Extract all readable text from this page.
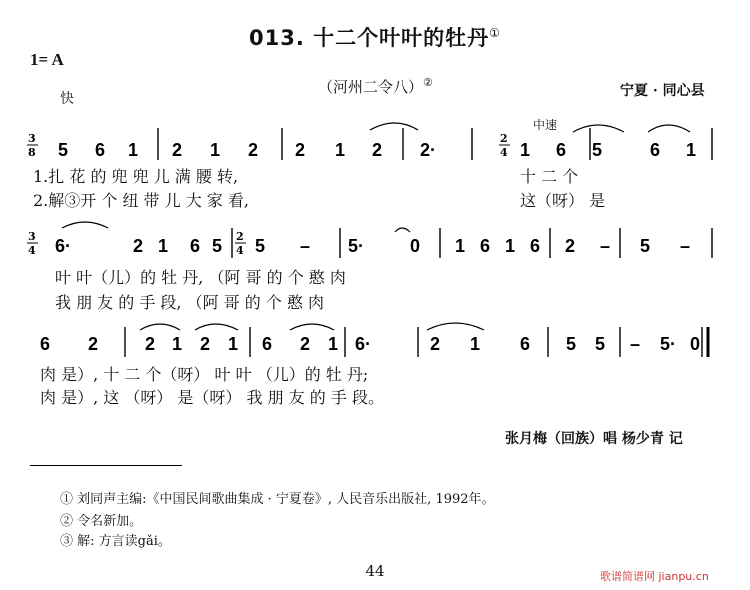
013. 十二个叶叶的牡丹①
1= A
快
（河州二令八）②
宁夏 · 同心县
中速
3
8 5 6 1 2 1 2 2 1 2 2·	1 6 5	6 1
2
4
3
4
2
4
6·	2 1 6 5 5 – 5·	0 1 6 1 6 2 – 5 –
6 2	2 1 2 1 6 2 1 6·	2 1 6 5 5 – 5· 0
1.扎 花 的 兜 兜 儿 满 腰 转,	十 二 个
2.解③开 个 纽 带 儿 大 家 看,	这（呀） 是
叶 叶（儿）的 牡 丹, （阿 哥 的 个 憨 肉
我 朋 友 的 手 段, （阿 哥 的 个 憨 肉
肉 是）, 十 二 个（呀） 叶 叶 （儿）的 牡 丹;
肉 是）, 这 （呀） 是（呀） 我 朋 友 的 手 段。
张月梅（回族）唱 杨少青 记
① 刘同声主编:《中国民间歌曲集成 · 宁夏卷》, 人民音乐出版社, 1992年。
② 令名新加。
③ 解: 方言读gǎi。
44	歌谱简谱网 jianpu.cn
